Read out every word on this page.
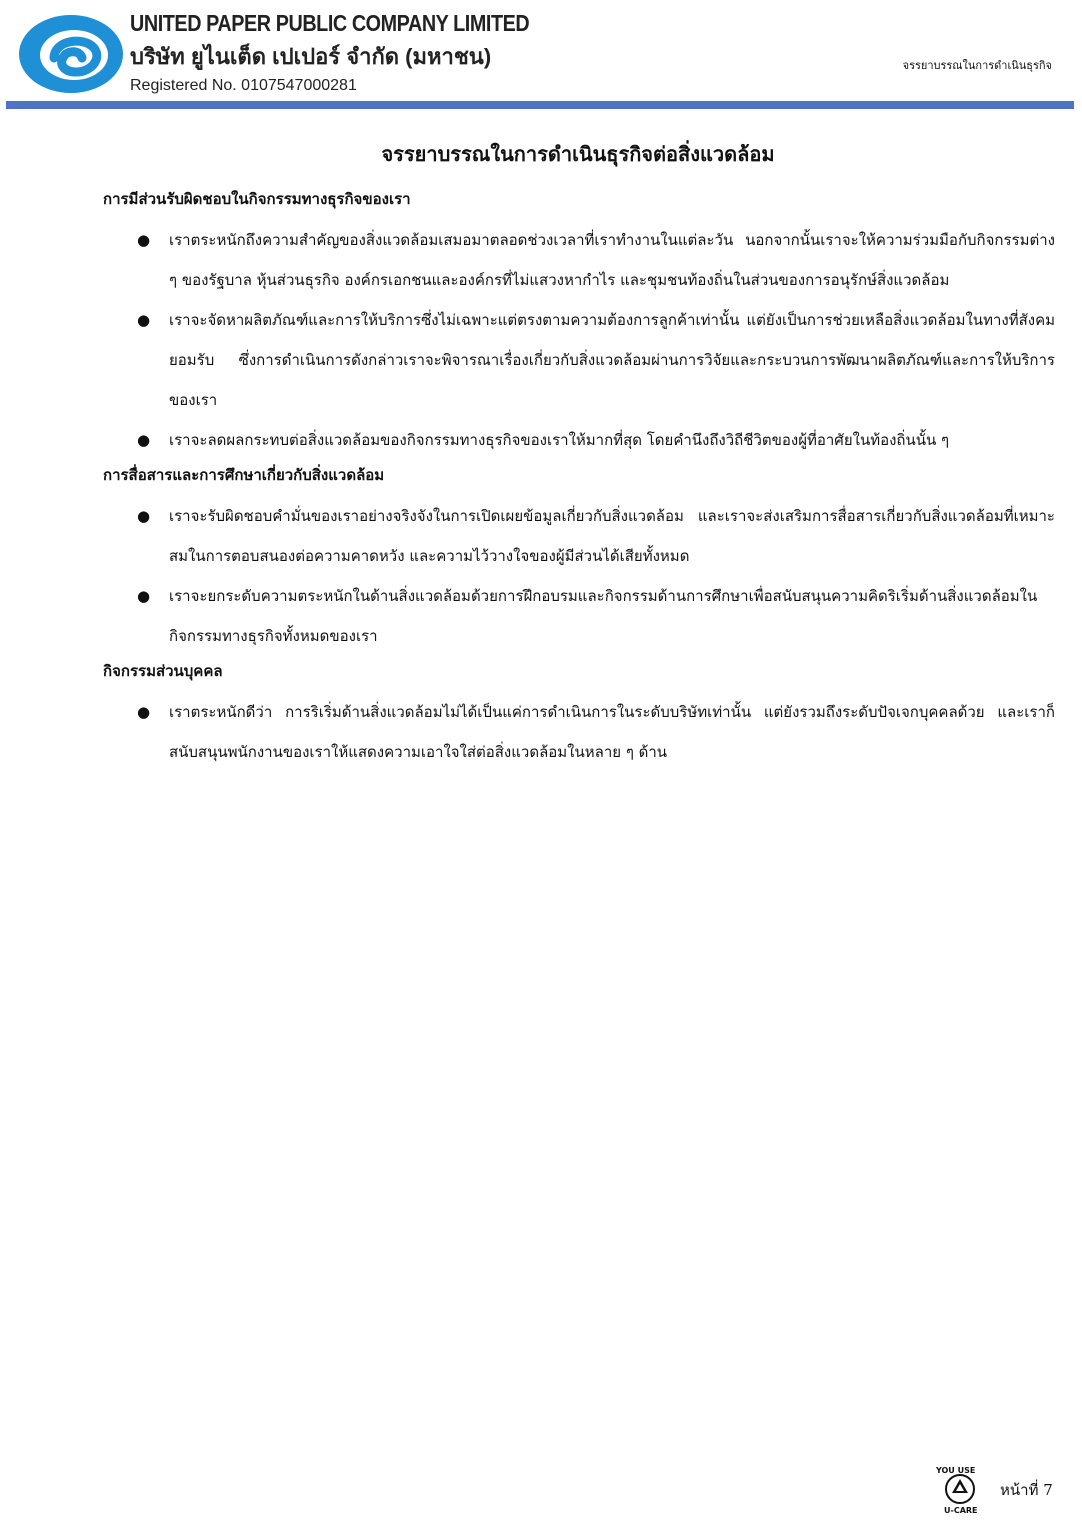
UNITED PAPER PUBLIC COMPANY LIMITED
บริษัท ยูไนเต็ด เปเปอร์ จำกัด (มหาชน)
Registered No. 0107547000281
จรรยาบรรณในการดำเนินธุรกิจ
จรรยาบรรณในการดำเนินธุรกิจต่อสิ่งแวดล้อม
การมีส่วนรับผิดชอบในกิจกรรมทางธุรกิจของเรา
● เราตระหนักถึงความสำคัญของสิ่งแวดล้อมเสมอมาตลอดช่วงเวลาที่เราทำงานในแต่ละวัน นอกจากนั้นเราจะให้ความร่วมมือกับกิจกรรมต่าง ๆ ของรัฐบาล หุ้นส่วนธุรกิจ องค์กรเอกชนและองค์กรที่ไม่แสวงหากำไร และชุมชนท้องถิ่นในส่วนของการอนุรักษ์สิ่งแวดล้อม
● เราจะจัดหาผลิตภัณฑ์และการให้บริการซึ่งไม่เฉพาะแต่ตรงตามความต้องการลูกค้าเท่านั้น แต่ยังเป็นการช่วยเหลือสิ่งแวดล้อมในทางที่สังคมยอมรับ ซึ่งการดำเนินการดังกล่าวเราจะพิจารณาเรื่องเกี่ยวกับสิ่งแวดล้อมผ่านการวิจัยและกระบวนการพัฒนาผลิตภัณฑ์และการให้บริการของเรา
● เราจะลดผลกระทบต่อสิ่งแวดล้อมของกิจกรรมทางธุรกิจของเราให้มากที่สุด โดยคำนึงถึงวิถีชีวิตของผู้ที่อาศัยในท้องถิ่นนั้น ๆ
การสื่อสารและการศึกษาเกี่ยวกับสิ่งแวดล้อม
● เราจะรับผิดชอบคำมั่นของเราอย่างจริงจังในการเปิดเผยข้อมูลเกี่ยวกับสิ่งแวดล้อม และเราจะส่งเสริมการสื่อสารเกี่ยวกับสิ่งแวดล้อมที่เหมาะสมในการตอบสนองต่อความคาดหวัง และความไว้วางใจของผู้มีส่วนได้เสียทั้งหมด
● เราจะยกระดับความตระหนักในด้านสิ่งแวดล้อมด้วยการฝึกอบรมและกิจกรรมด้านการศึกษาเพื่อสนับสนุนความคิดริเริ่มด้านสิ่งแวดล้อมในกิจกรรมทางธุรกิจทั้งหมดของเรา
กิจกรรมส่วนบุคคล
● เราตระหนักดีว่า การริเริ่มด้านสิ่งแวดล้อมไม่ได้เป็นแค่การดำเนินการในระดับบริษัทเท่านั้น แต่ยังรวมถึงระดับปัจเจกบุคคลด้วย และเราก็สนับสนุนพนักงานของเราให้แสดงความเอาใจใส่ต่อสิ่งแวดล้อมในหลาย ๆ ด้าน
YOU USE
U-CARE
หน้าที่ 7
